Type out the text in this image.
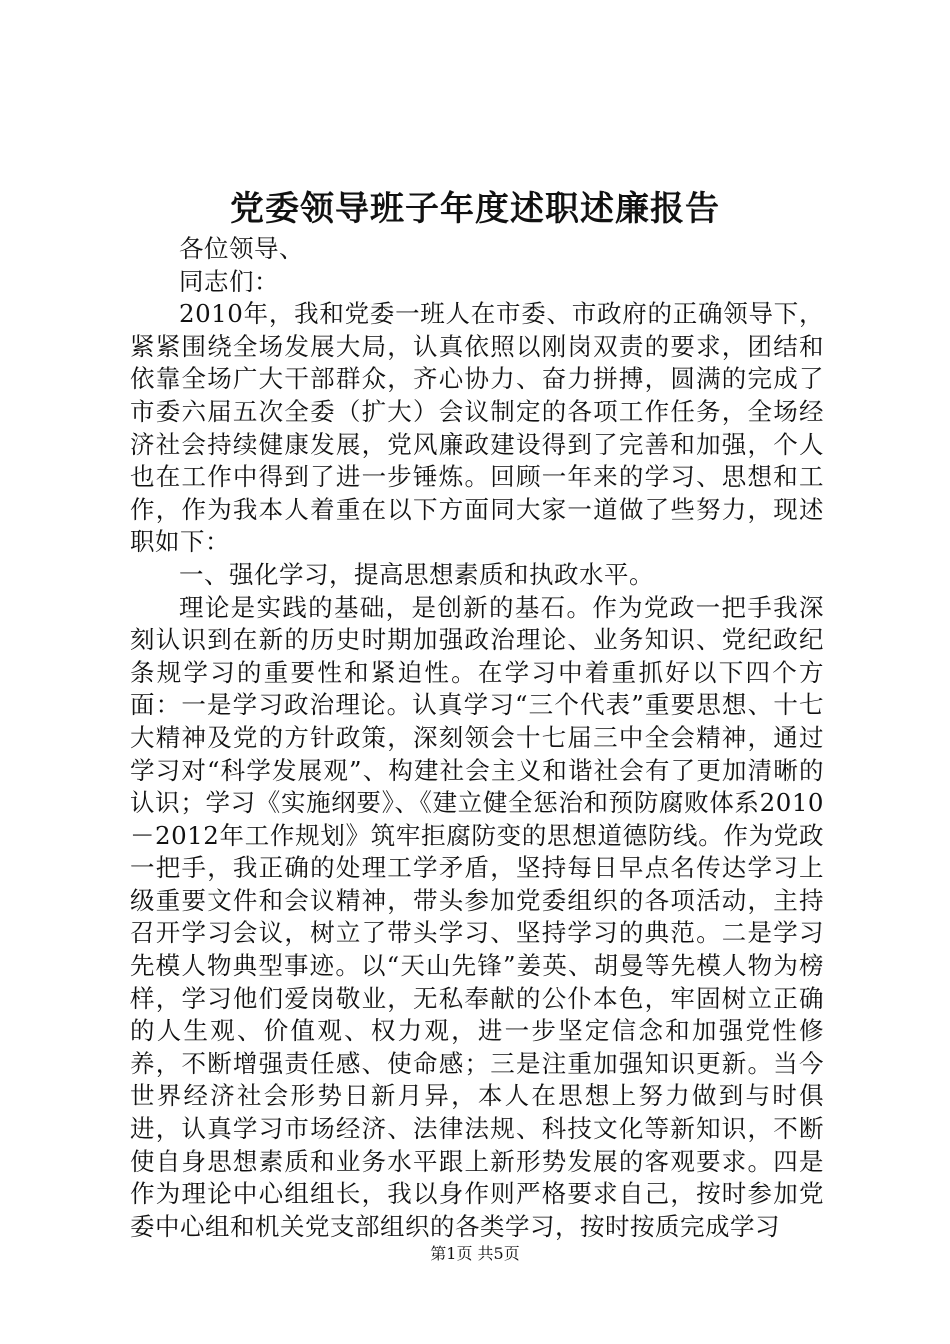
党委领导班子年度述职述廉报告

各位领导、

同志们：

2010年，我和党委一班人在市委、市政府的正确领导下，紧紧围绕全场发展大局，认真依照以刚岗双责的要求，团结和依靠全场广大干部群众，齐心协力、奋力拼搏，圆满的完成了市委六届五次全委（扩大）会议制定的各项工作任务，全场经济社会持续健康发展，党风廉政建设得到了完善和加强，个人也在工作中得到了进一步锤炼。回顾一年来的学习、思想和工作，作为我本人着重在以下方面同大家一道做了些努力，现述职如下：

一、强化学习，提高思想素质和执政水平。

理论是实践的基础，是创新的基石。作为党政一把手我深刻认识到在新的历史时期加强政治理论、业务知识、党纪政纪条规学习的重要性和紧迫性。在学习中着重抓好以下四个方面：一是学习政治理论。认真学习“三个代表”重要思想、十七大精神及党的方针政策，深刻领会十七届三中全会精神，通过学习对“科学发展观”、构建社会主义和谐社会有了更加清晰的认识；学习《实施纲要》、《建立健全惩治和预防腐败体系2010－2012年工作规划》筑牢拒腐防变的思想道德防线。作为党政一把手，我正确的处理工学矛盾，坚持每日早点名传达学习上级重要文件和会议精神，带头参加党委组织的各项活动，主持召开学习会议，树立了带头学习、坚持学习的典范。二是学习先模人物典型事迹。以“天山先锋”姜英、胡曼等先模人物为榜样，学习他们爱岗敬业，无私奉献的公仆本色，牢固树立正确的人生观、价值观、权力观，进一步坚定信念和加强党性修养，不断增强责任感、使命感；三是注重加强知识更新。当今世界经济社会形势日新月异，本人在思想上努力做到与时俱进，认真学习市场经济、法律法规、科技文化等新知识，不断使自身思想素质和业务水平跟上新形势发展的客观要求。四是作为理论中心组组长，我以身作则严格要求自己，按时参加党委中心组和机关党支部组织的各类学习，按时按质完成学习

第1页 共5页
